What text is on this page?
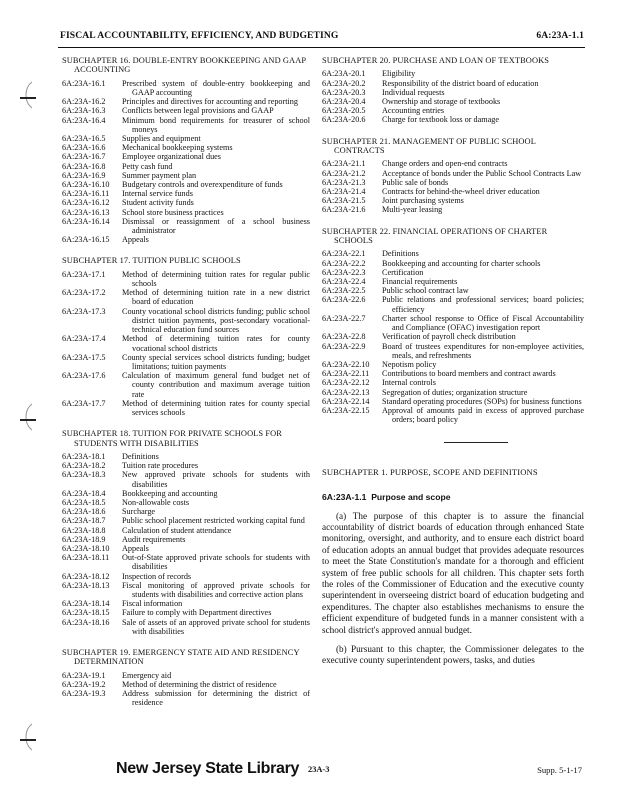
FISCAL ACCOUNTABILITY, EFFICIENCY, AND BUDGETING	6A:23A-1.1
SUBCHAPTER 16. DOUBLE-ENTRY BOOKKEEPING AND GAAP ACCOUNTING
6A:23A-16.1	Prescribed system of double-entry bookkeeping and GAAP accounting
6A:23A-16.2	Principles and directives for accounting and reporting
6A:23A-16.3	Conflicts between legal provisions and GAAP
6A:23A-16.4	Minimum bond requirements for treasurer of school moneys
6A:23A-16.5	Supplies and equipment
6A:23A-16.6	Mechanical bookkeeping systems
6A:23A-16.7	Employee organizational dues
6A:23A-16.8	Petty cash fund
6A:23A-16.9	Summer payment plan
6A:23A-16.10	Budgetary controls and overexpenditure of funds
6A:23A-16.11	Internal service funds
6A:23A-16.12	Student activity funds
6A:23A-16.13	School store business practices
6A:23A-16.14	Dismissal or reassignment of a school business administrator
6A:23A-16.15	Appeals
SUBCHAPTER 17. TUITION PUBLIC SCHOOLS
6A:23A-17.1	Method of determining tuition rates for regular public schools
6A:23A-17.2	Method of determining tuition rate in a new district board of education
6A:23A-17.3	County vocational school districts funding; public school district tuition payments, post-secondary vocational-technical education fund sources
6A:23A-17.4	Method of determining tuition rates for county vocational school districts
6A:23A-17.5	County special services school districts funding; budget limitations; tuition payments
6A:23A-17.6	Calculation of maximum general fund budget net of county contribution and maximum average tuition rate
6A:23A-17.7	Method of determining tuition rates for county special services schools
SUBCHAPTER 18. TUITION FOR PRIVATE SCHOOLS FOR STUDENTS WITH DISABILITIES
6A:23A-18.1	Definitions
6A:23A-18.2	Tuition rate procedures
6A:23A-18.3	New approved private schools for students with disabilities
6A:23A-18.4	Bookkeeping and accounting
6A:23A-18.5	Non-allowable costs
6A:23A-18.6	Surcharge
6A:23A-18.7	Public school placement restricted working capital fund
6A:23A-18.8	Calculation of student attendance
6A:23A-18.9	Audit requirements
6A:23A-18.10	Appeals
6A:23A-18.11	Out-of-State approved private schools for students with disabilities
6A:23A-18.12	Inspection of records
6A:23A-18.13	Fiscal monitoring of approved private schools for students with disabilities and corrective action plans
6A:23A-18.14	Fiscal information
6A:23A-18.15	Failure to comply with Department directives
6A:23A-18.16	Sale of assets of an approved private school for students with disabilities
SUBCHAPTER 19. EMERGENCY STATE AID AND RESIDENCY DETERMINATION
6A:23A-19.1	Emergency aid
6A:23A-19.2	Method of determining the district of residence
6A:23A-19.3	Address submission for determining the district of residence
SUBCHAPTER 20. PURCHASE AND LOAN OF TEXTBOOKS
6A:23A-20.1	Eligibility
6A:23A-20.2	Responsibility of the district board of education
6A:23A-20.3	Individual requests
6A:23A-20.4	Ownership and storage of textbooks
6A:23A-20.5	Accounting entries
6A:23A-20.6	Charge for textbook loss or damage
SUBCHAPTER 21. MANAGEMENT OF PUBLIC SCHOOL CONTRACTS
6A:23A-21.1	Change orders and open-end contracts
6A:23A-21.2	Acceptance of bonds under the Public School Contracts Law
6A:23A-21.3	Public sale of bonds
6A:23A-21.4	Contracts for behind-the-wheel driver education
6A:23A-21.5	Joint purchasing systems
6A:23A-21.6	Multi-year leasing
SUBCHAPTER 22. FINANCIAL OPERATIONS OF CHARTER SCHOOLS
6A:23A-22.1	Definitions
6A:23A-22.2	Bookkeeping and accounting for charter schools
6A:23A-22.3	Certification
6A:23A-22.4	Financial requirements
6A:23A-22.5	Public school contract law
6A:23A-22.6	Public relations and professional services; board policies; efficiency
6A:23A-22.7	Charter school response to Office of Fiscal Accountability and Compliance (OFAC) investigation report
6A:23A-22.8	Verification of payroll check distribution
6A:23A-22.9	Board of trustees expenditures for non-employee activities, meals, and refreshments
6A:23A-22.10	Nepotism policy
6A:23A-22.11	Contributions to board members and contract awards
6A:23A-22.12	Internal controls
6A:23A-22.13	Segregation of duties; organization structure
6A:23A-22.14	Standard operating procedures (SOPs) for business functions
6A:23A-22.15	Approval of amounts paid in excess of approved purchase orders; board policy
SUBCHAPTER 1. PURPOSE, SCOPE AND DEFINITIONS
6A:23A-1.1 Purpose and scope

(a) The purpose of this chapter is to assure the financial accountability of district boards of education through enhanced State monitoring, oversight, and authority, and to ensure each district board of education adopts an annual budget that provides adequate resources to meet the State Constitution's mandate for a thorough and efficient system of free public schools for all children. This chapter sets forth the roles of the Commissioner of Education and the executive county superintendent in overseeing district board of education budgeting and expenditures. The chapter also establishes mechanisms to ensure the efficient expenditure of budgeted funds in a manner consistent with a school district's approved annual budget.

(b) Pursuant to this chapter, the Commissioner delegates to the executive county superintendent powers, tasks, and duties

New Jersey State Library 23A-3	Supp. 5-1-17
